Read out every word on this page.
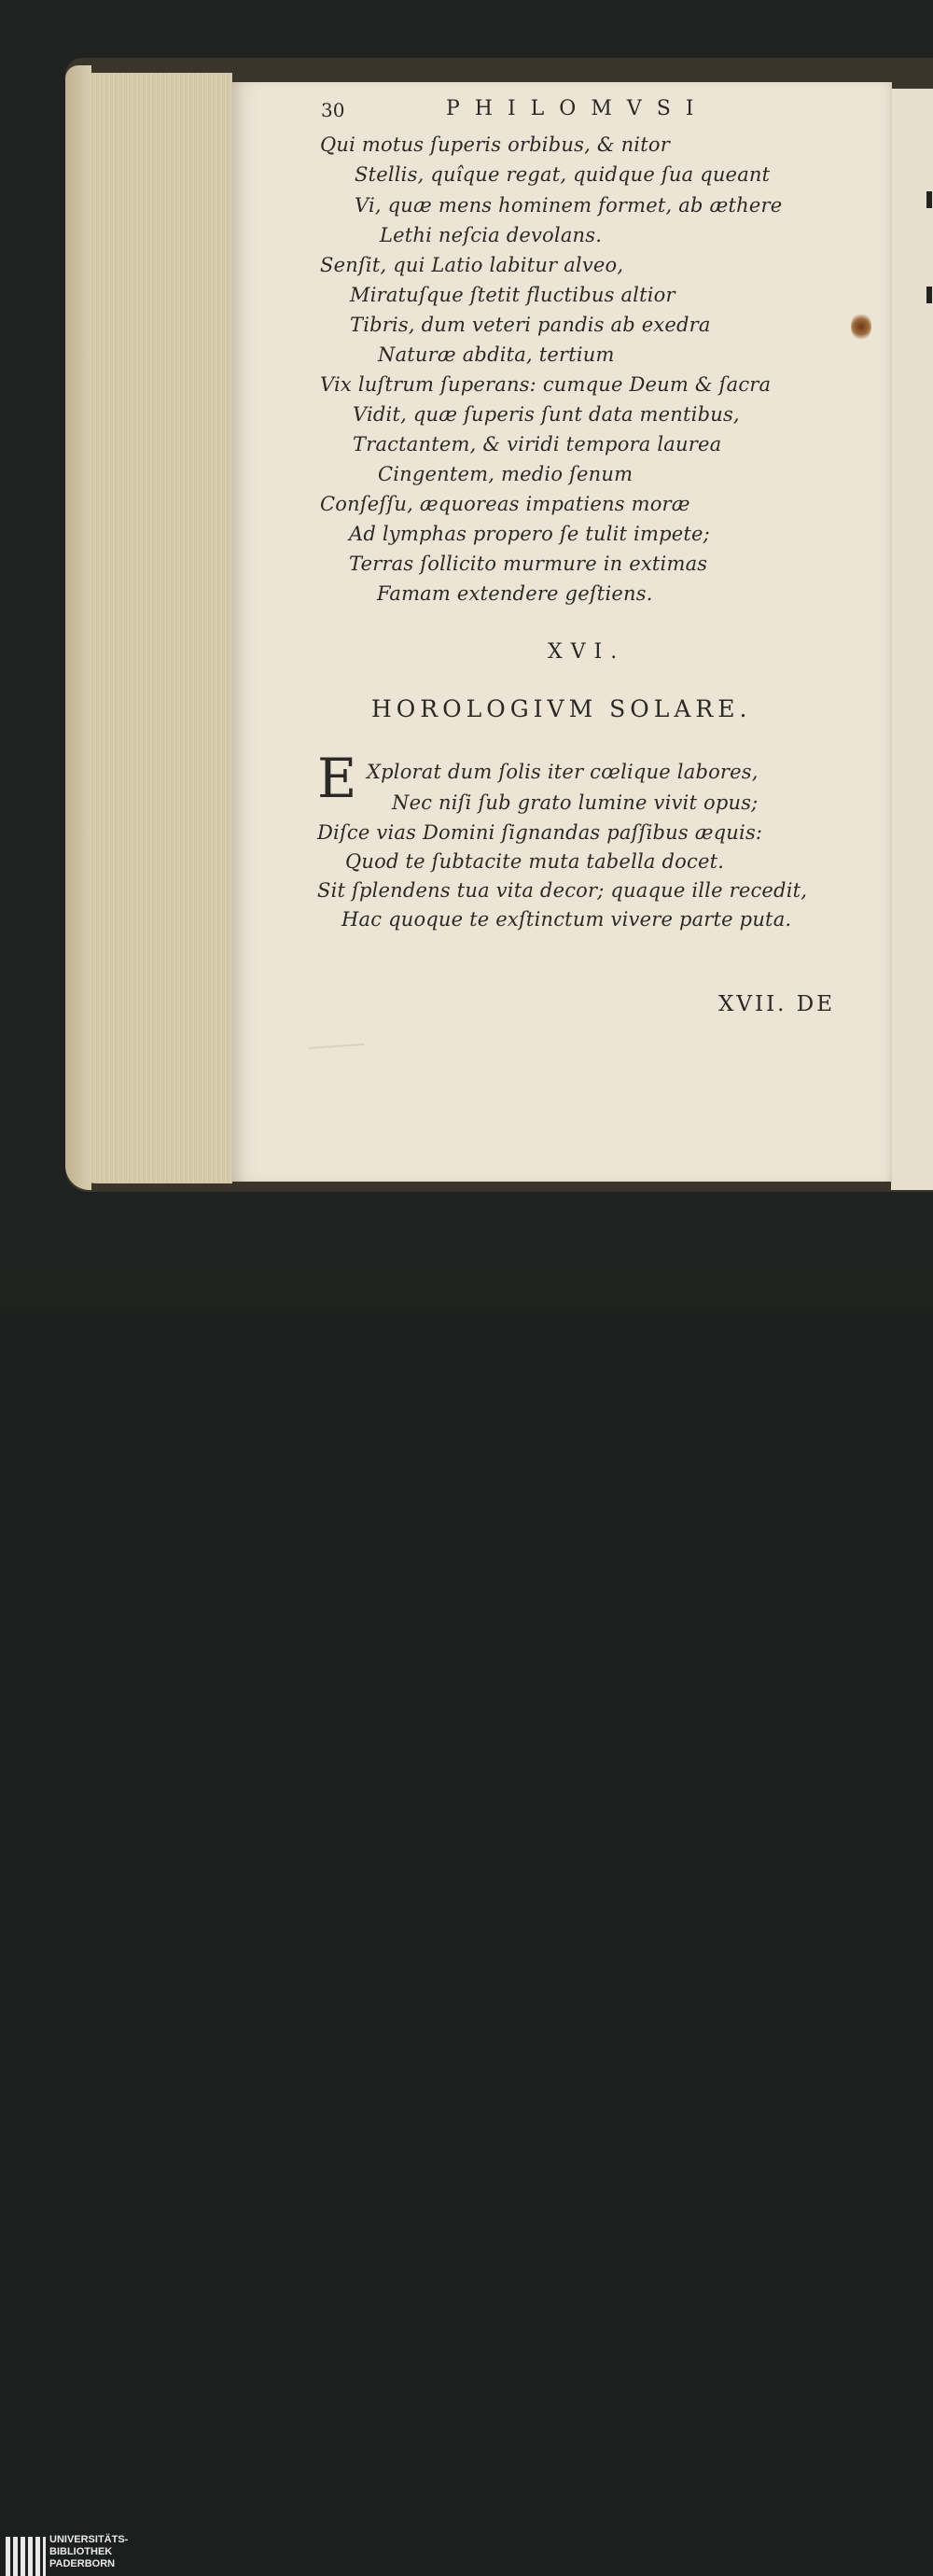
30	PHILOMVSI
Qui motus ſuperis orbibus, & nitor
Stellis, quîque regat, quidque ſua queant
Vi, quæ mens hominem formet, ab æthere
Lethi neſcia devolans.
Senſit, qui Latio labitur alveo,
Miratuſque ſtetit fluctibus altior
Tibris, dum veteri pandis ab exedra
Naturæ abdita, tertium
Vix luſtrum ſuperans: cumque Deum & ſacra
Vidit, quæ ſuperis ſunt data mentibus,
Tractantem, & viridi tempora laurea
Cingentem, medio ſenum
Conſeſſu, æquoreas impatiens moræ
Ad lymphas propero ſe tulit impete;
Terras ſollicito murmure in extimas
Famam extendere geſtiens.
XVI.
HOROLOGIVM SOLARE.
E Xplorat dum ſolis iter cœlique labores,
Nec niſi ſub grato lumine vivit opus;
Diſce vias Domini ſignandas paſſibus æquis:
Quod te ſubtacite muta tabella docet.
Sit ſplendens tua vita decor; quaque ille recedit,
Hac quoque te exſtinctum vivere parte puta.
XVII. DE
UNIVERSITÄTS-
BIBLIOTHEK
PADERBORN
